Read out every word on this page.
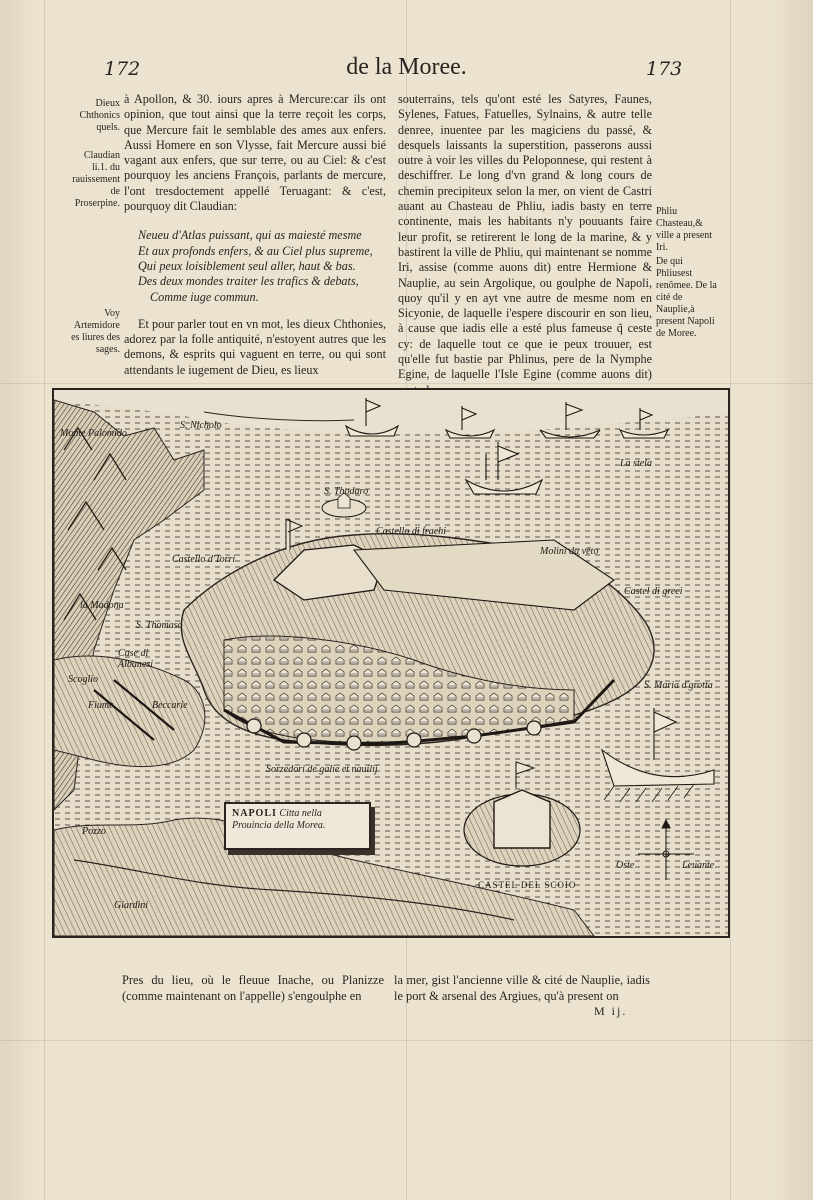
172	de la Moree.	173
Dieux Chthonics quels.
Claudian li.1. du rauissement de Proserpine.
Voy Artemidore es liures des sages.
Phliu Chasteau,& ville a present Iri.
De qui Phliusest renõmee. De la cité de Nauplie,à present Napoli de Moree.

à Apollon, & 30. iours apres à Mercure:car ils ont opinion, que tout ainsi que la terre reçoit les corps, que Mercure fait le semblable des ames aux enfers. Aussi Homere en son Vlysse, fait Mercure aussi bié vagant aux enfers, que sur terre, ou au Ciel: & c'est pourquoy les anciens François, parlants de mercure, l'ont tresdoctement appellé Teruagant: & c'est, pourquoy dit Claudian:

Neueu d'Atlas puissant, qui as maiesté mesme
Et aux profonds enfers, & au Ciel plus supreme,
Qui peux loisiblement seul aller, haut & bas.
Des deux mondes traiter les trafics & debats,
Comme iuge commun.

Et pour parler tout en vn mot, les dieux Chthonies, adorez par la folle antiquité, n'estoyent autres que les demons, & esprits qui vaguent en terre, ou qui sont attendants le iugement de Dieu, es lieux

souterrains, tels qu'ont esté les Satyres, Faunes, Sylenes, Fatues, Fatuelles, Sylnains, & autre telle denree, inuentee par les magiciens du passé, & desquels laissants la superstition, passerons aussi outre à voir les villes du Peloponnese, qui restent à deschiffrer. Le long d'vn grand & long cours de chemin precipiteux selon la mer, on vient de Castri auant au Chasteau de Phliu, iadis basty en terre continente, mais les habitants n'y pouuants faire leur profit, se retirerent le long de la marine, & y bastirent la ville de Phliu, qui maintenant se nomme Iri, assise (comme auons dit) entre Hermione & Nauplie, au sein Argolique, ou goulphe de Napoli, quoy qu'il y en ayt vne autre de mesme nom en Sicyonie, de laquelle i'espere discourir en son lieu, à cause que iadis elle a esté plus fameuse q̃ ceste cy: de laquelle tout ce que ie peux trouuer, est qu'elle fut bastie par Phlinus, pere de la Nymphe Egine, de laquelle l'Isle Egine (comme auons dit)

Monte Palomido
S. Nicholo
La stela
S. Thodaro
Castello d'Torri
Castello di frachi
Molini da vēto
Castel di greci
la Madona
S. Thomaso
Case di Albanesi
Scoglio
Fiume	Beccarie
S. Maria d'grotta
Sorzedori de galie et nauilij
Pozzo
Giardini
CASTEL DEL SCOIO
Oste	Leuante
NAPOLI Citta nella Prouincia della Morea.
Pres du lieu, où le fleuue Inache, ou Planizze (comme maintenant on l'appelle) s'engoulphe en
la mer, gist l'ancienne ville & cité de Nauplie, iadis le port & arsenal des Argiues, qu'à present on
M ij.
